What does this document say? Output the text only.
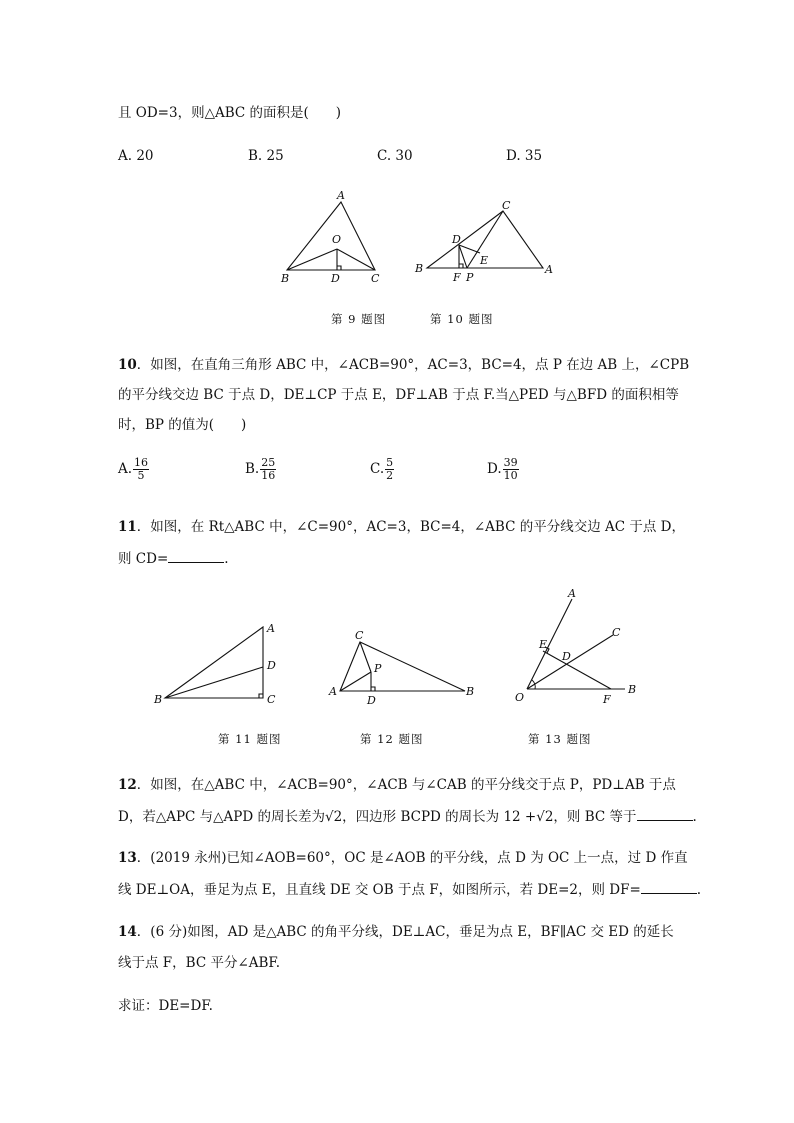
且 OD=3，则△ABC 的面积是(　　)
A. 20	B. 25	C. 30	D. 35
A
O
B	D	C
C
D
E
B
F P
A
第 9 题图	第 10 题图
10．如图，在直角三角形 ABC 中，∠ACB=90°，AC=3，BC=4，点 P 在边 AB 上，∠CPB
的平分线交边 BC 于点 D，DE⊥CP 于点 E，DF⊥AB 于点 F.当△PED 与△BFD 的面积相等
时，BP 的值为(　　)
A. $\frac{16}{5}$	B. $\frac{25}{16}$	C. $\frac{5}{2}$	D. $\frac{39}{10}$
11．如图，在 Rt△ABC 中，∠C=90°，AC=3，BC=4，∠ABC 的平分线交边 AC 于点 D，
则 CD=	.
A
D
B	C
C
P
A
D
B
A
C
E
D
O	F
B
第 11 题图	第 12 题图	第 13 题图
12．如图，在△ABC 中，∠ACB=90°，∠ACB 与∠CAB 的平分线交于点 P，PD⊥AB 于点
D，若△APC 与△APD 的周长差为√2，四边形 BCPD 的周长为 12 +√2，则 BC 等于	.
13．(2019 永州)已知∠AOB=60°，OC 是∠AOB 的平分线，点 D 为 OC 上一点，过 D 作直
线 DE⊥OA，垂足为点 E，且直线 DE 交 OB 于点 F，如图所示，若 DE=2，则 DF=	.
14．(6 分)如图，AD 是△ABC 的角平分线，DE⊥AC，垂足为点 E，BF∥AC 交 ED 的延长
线于点 F，BC 平分∠ABF.
求证：DE=DF.
